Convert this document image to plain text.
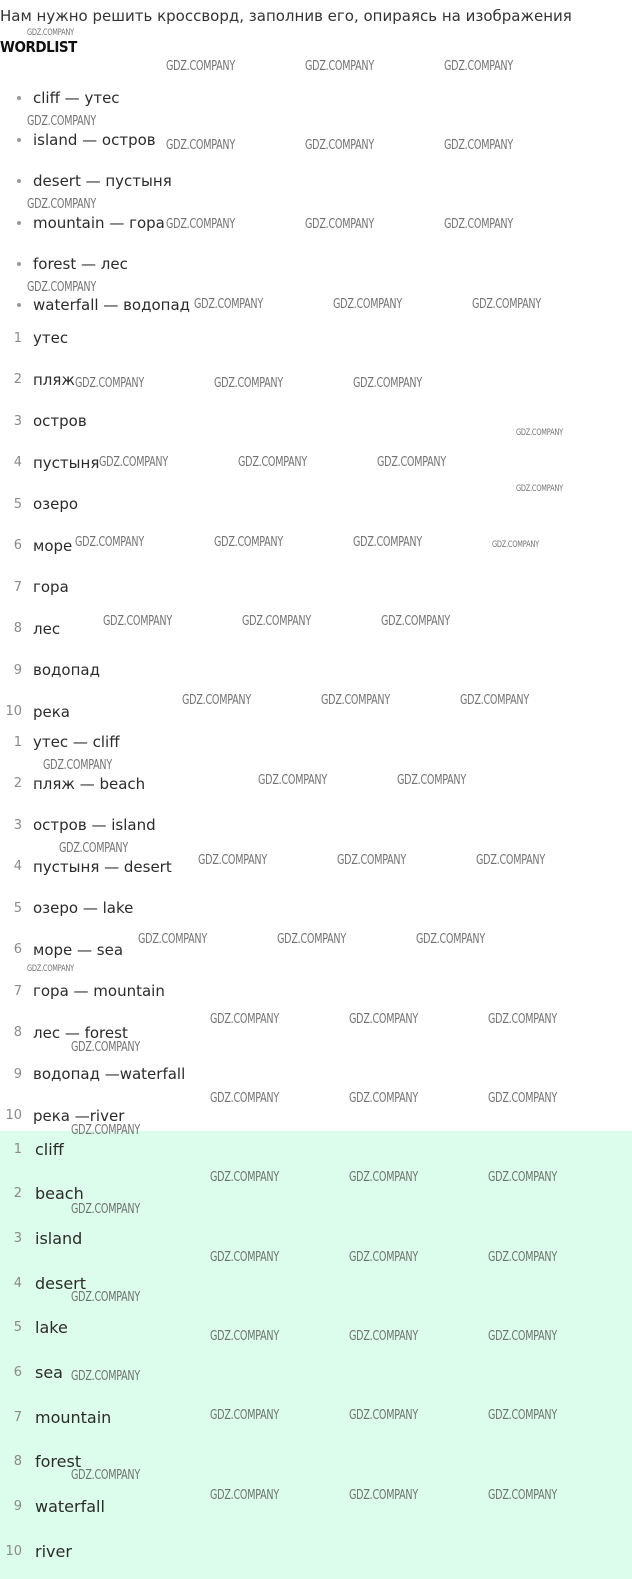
Нам нужно решить кроссворд, заполнив его, опираясь на изображения
WORDLIST
cliff — утес
island — остров
desert — пустыня
mountain — гора
forest — лес
waterfall — водопад
1 утес
2 пляж
3 остров
4 пустыня
5 озеро
6 море
7 гора
8 лес
9 водопад
10 река
1 утес — cliff
2 пляж — beach
3 остров — island
4 пустыня — desert
5 озеро — lake
6 море — sea
7 гора — mountain
8 лес — forest
9 водопад —waterfall
10 река —river
1 cliff
2 beach
3 island
4 desert
5 lake
6 sea
7 mountain
8 forest
9 waterfall
10 river
GDZ.COMPANY
GDZ.COMPANY	GDZ.COMPANY	GDZ.COMPANY
GDZ.COMPANY
GDZ.COMPANY	GDZ.COMPANY	GDZ.COMPANY
GDZ.COMPANY
GDZ.COMPANY	GDZ.COMPANY	GDZ.COMPANY
GDZ.COMPANY
GDZ.COMPANY	GDZ.COMPANY	GDZ.COMPANY
GDZ.COMPANY	GDZ.COMPANY	GDZ.COMPANY
GDZ.COMPANY
GDZ.COMPANY	GDZ.COMPANY	GDZ.COMPANY
GDZ.COMPANY
GDZ.COMPANY	GDZ.COMPANY	GDZ.COMPANY	GDZ.COMPANY
GDZ.COMPANY	GDZ.COMPANY	GDZ.COMPANY
GDZ.COMPANY	GDZ.COMPANY	GDZ.COMPANY
GDZ.COMPANY
GDZ.COMPANY	GDZ.COMPANY
GDZ.COMPANY
GDZ.COMPANY	GDZ.COMPANY	GDZ.COMPANY
GDZ.COMPANY	GDZ.COMPANY	GDZ.COMPANY
GDZ.COMPANY
GDZ.COMPANY	GDZ.COMPANY	GDZ.COMPANY
GDZ.COMPANY
GDZ.COMPANY	GDZ.COMPANY	GDZ.COMPANY
GDZ.COMPANY
GDZ.COMPANY	GDZ.COMPANY	GDZ.COMPANY
GDZ.COMPANY
GDZ.COMPANY	GDZ.COMPANY	GDZ.COMPANY
GDZ.COMPANY
GDZ.COMPANY	GDZ.COMPANY	GDZ.COMPANY
GDZ.COMPANY
GDZ.COMPANY	GDZ.COMPANY	GDZ.COMPANY
GDZ.COMPANY
GDZ.COMPANY	GDZ.COMPANY	GDZ.COMPANY
